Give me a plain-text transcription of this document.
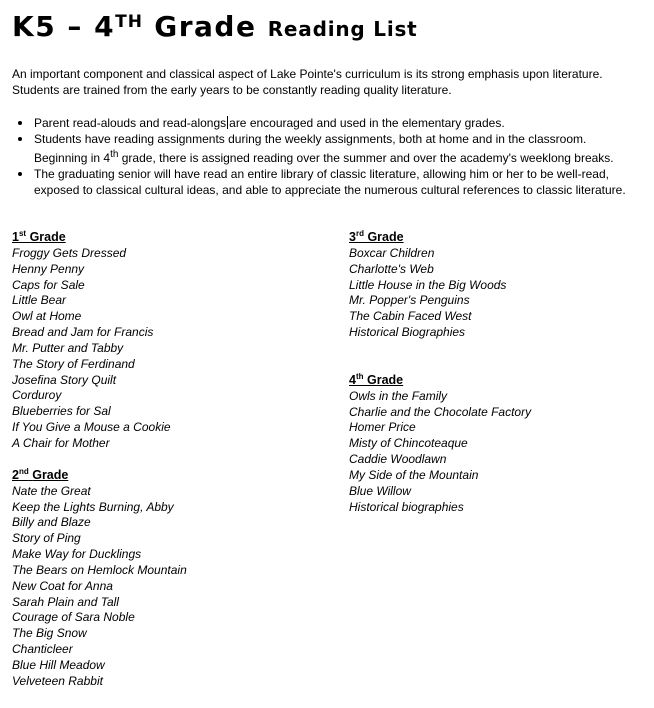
K5 – 4TH Grade Reading List
An important component and classical aspect of Lake Pointe's curriculum is its strong emphasis upon literature. Students are trained from the early years to be constantly reading quality literature.
Parent read-alouds and read-alongs are encouraged and used in the elementary grades.
Students have reading assignments during the weekly assignments, both at home and in the classroom. Beginning in 4th grade, there is assigned reading over the summer and over the academy's weeklong breaks.
The graduating senior will have read an entire library of classic literature, allowing him or her to be well-read, exposed to classical cultural ideas, and able to appreciate the numerous cultural references to classic literature.
1st Grade
Froggy Gets Dressed
Henny Penny
Caps for Sale
Little Bear
Owl at Home
Bread and Jam for Francis
Mr. Putter and Tabby
The Story of Ferdinand
Josefina Story Quilt
Corduroy
Blueberries for Sal
If You Give a Mouse a Cookie
A Chair for Mother
2nd Grade
Nate the Great
Keep the Lights Burning, Abby
Billy and Blaze
Story of Ping
Make Way for Ducklings
The Bears on Hemlock Mountain
New Coat for Anna
Sarah Plain and Tall
Courage of Sara Noble
The Big Snow
Chanticleer
Blue Hill Meadow
Velveteen Rabbit
3rd Grade
Boxcar Children
Charlotte's Web
Little House in the Big Woods
Mr. Popper's Penguins
The Cabin Faced West
Historical Biographies
4th Grade
Owls in the Family
Charlie and the Chocolate Factory
Homer Price
Misty of Chincoteaque
Caddie Woodlawn
My Side of the Mountain
Blue Willow
Historical biographies
